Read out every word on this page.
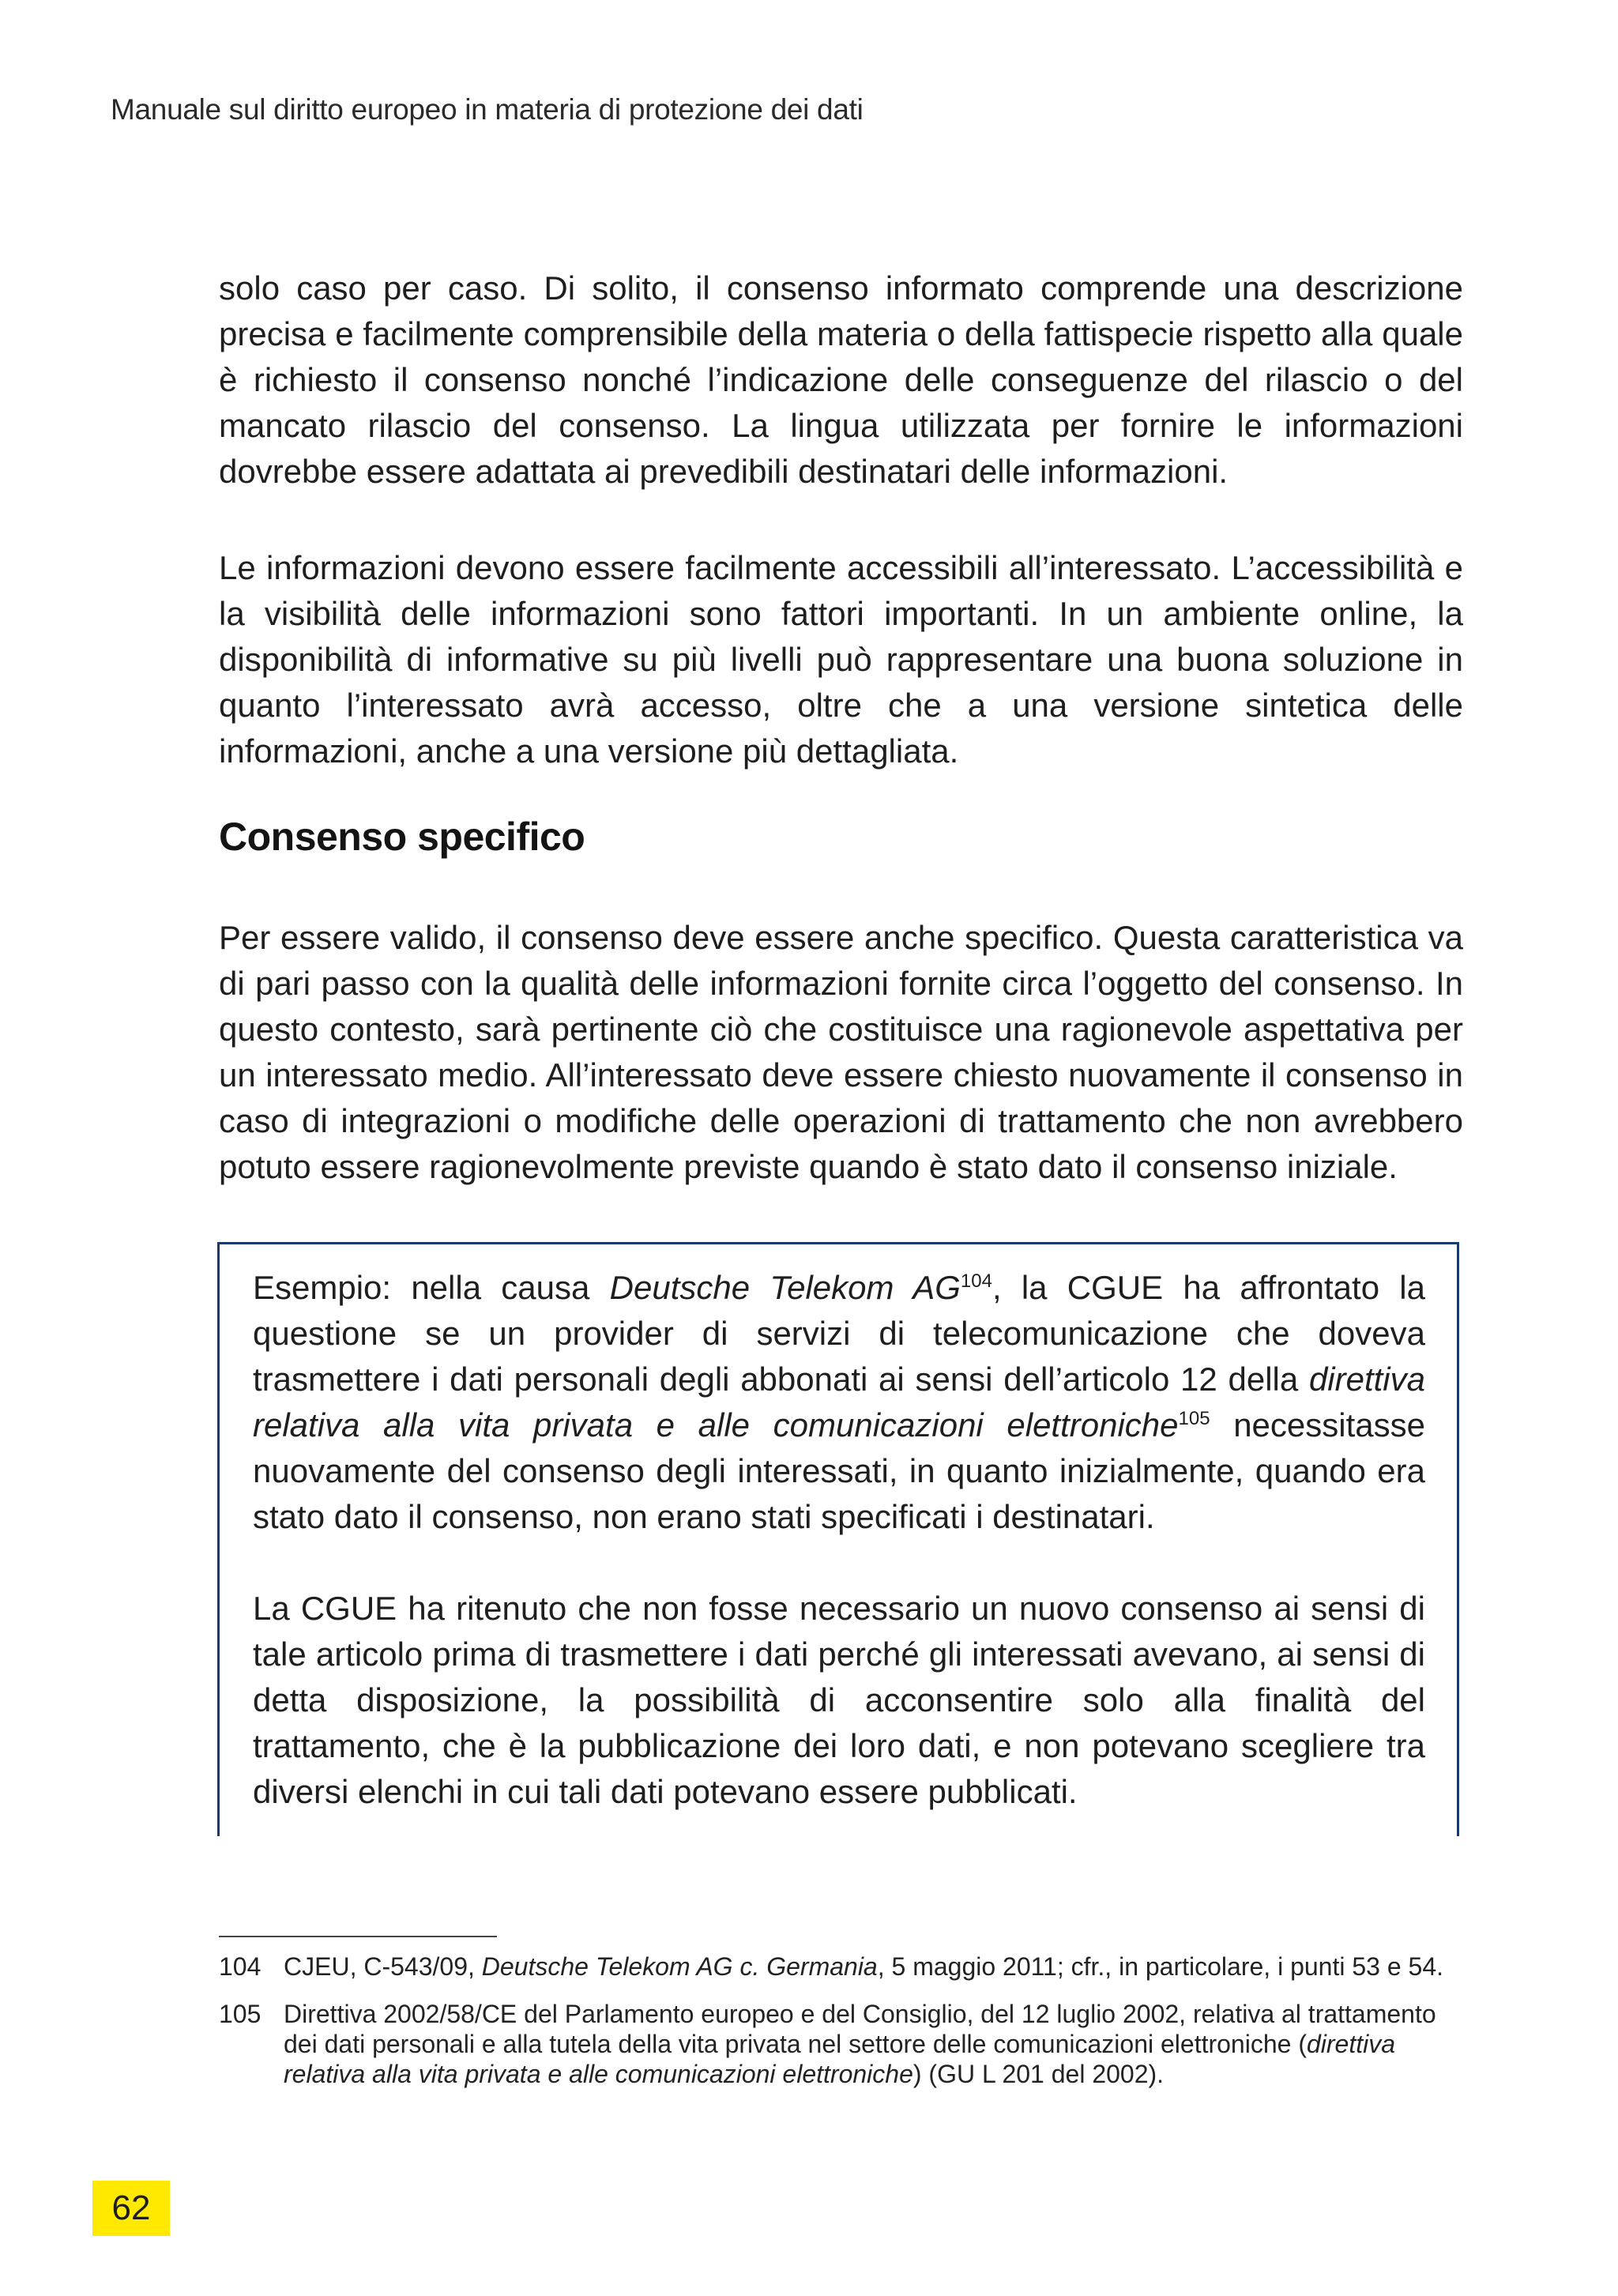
Manuale sul diritto europeo in materia di protezione dei dati

solo caso per caso. Di solito, il consenso informato comprende una descrizione precisa e facilmente comprensibile della materia o della fattispecie rispetto alla quale è richiesto il consenso nonché l’indicazione delle conseguenze del rilascio o del mancato rilascio del consenso. La lingua utilizzata per fornire le informazioni dovrebbe essere adattata ai prevedibili destinatari delle informazioni.

Le informazioni devono essere facilmente accessibili all’interessato. L’accessibilità e la visibilità delle informazioni sono fattori importanti. In un ambiente online, la disponibilità di informative su più livelli può rappresentare una buona soluzione in quanto l’interessato avrà accesso, oltre che a una versione sintetica delle informazioni, anche a una versione più dettagliata.

Consenso specifico

Per essere valido, il consenso deve essere anche specifico. Questa caratteristica va di pari passo con la qualità delle informazioni fornite circa l’oggetto del consenso. In questo contesto, sarà pertinente ciò che costituisce una ragionevole aspettativa per un interessato medio. All’interessato deve essere chiesto nuovamente il consenso in caso di integrazioni o modifiche delle operazioni di trattamento che non avrebbero potuto essere ragionevolmente previste quando è stato dato il consenso iniziale.

Esempio: nella causa Deutsche Telekom AG$^{104}$, la CGUE ha affrontato la questione se un provider di servizi di telecomunicazione che doveva trasmettere i dati personali degli abbonati ai sensi dell’articolo 12 della direttiva relativa alla vita privata e alle comunicazioni elettroniche$^{105}$ necessitasse nuovamente del consenso degli interessati, in quanto inizialmente, quando era stato dato il consenso, non erano stati specificati i destinatari.

La CGUE ha ritenuto che non fosse necessario un nuovo consenso ai sensi di tale articolo prima di trasmettere i dati perché gli interessati avevano, ai sensi di detta disposizione, la possibilità di acconsentire solo alla finalità del trattamento, che è la pubblicazione dei loro dati, e non potevano scegliere tra diversi elenchi in cui tali dati potevano essere pubblicati.

104 CJEU, C-543/09, Deutsche Telekom AG c. Germania, 5 maggio 2011; cfr., in particolare, i punti 53 e 54.
105 Direttiva 2002/58/CE del Parlamento europeo e del Consiglio, del 12 luglio 2002, relativa al trattamento dei dati personali e alla tutela della vita privata nel settore delle comunicazioni elettroniche (direttiva relativa alla vita privata e alle comunicazioni elettroniche) (GU L 201 del 2002).
62
